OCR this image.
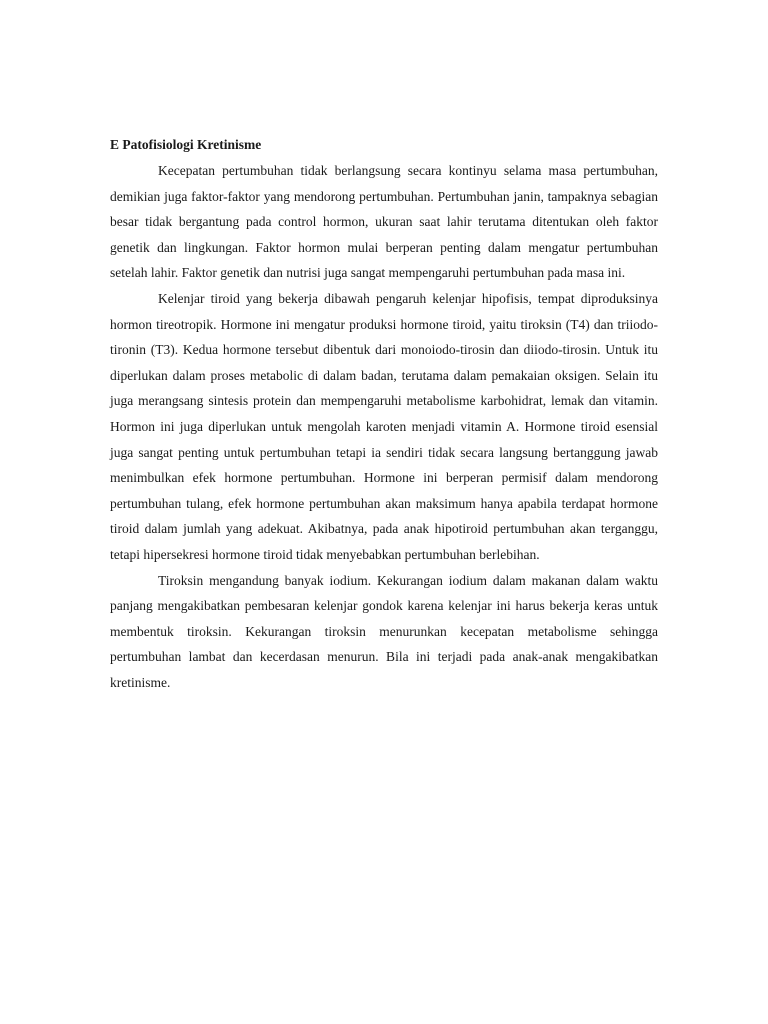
E Patofisiologi Kretinisme

Kecepatan pertumbuhan tidak berlangsung secara kontinyu selama masa pertumbuhan, demikian juga faktor-faktor yang mendorong pertumbuhan. Pertumbuhan janin, tampaknya sebagian besar tidak bergantung pada control hormon, ukuran saat lahir terutama ditentukan oleh faktor genetik dan lingkungan. Faktor hormon mulai berperan penting dalam mengatur pertumbuhan setelah lahir. Faktor genetik dan nutrisi juga sangat mempengaruhi pertumbuhan pada masa ini.

Kelenjar tiroid yang bekerja dibawah pengaruh kelenjar hipofisis, tempat diproduksinya hormon tireotropik. Hormone ini mengatur produksi hormone tiroid, yaitu tiroksin (T4) dan triiodo-tironin (T3). Kedua hormone tersebut dibentuk dari monoiodo-tirosin dan diiodo-tirosin. Untuk itu diperlukan dalam proses metabolic di dalam badan, terutama dalam pemakaian oksigen. Selain itu juga merangsang sintesis protein dan mempengaruhi metabolisme karbohidrat, lemak dan vitamin. Hormon ini juga diperlukan untuk mengolah karoten menjadi vitamin A. Hormone tiroid esensial juga sangat penting untuk pertumbuhan tetapi ia sendiri tidak secara langsung bertanggung jawab menimbulkan efek hormone pertumbuhan. Hormone ini berperan permisif dalam mendorong pertumbuhan tulang, efek hormone pertumbuhan akan maksimum hanya apabila terdapat hormone tiroid dalam jumlah yang adekuat. Akibatnya, pada anak hipotiroid pertumbuhan akan terganggu, tetapi hipersekresi hormone tiroid tidak menyebabkan pertumbuhan berlebihan.

Tiroksin mengandung banyak iodium. Kekurangan iodium dalam makanan dalam waktu panjang mengakibatkan pembesaran kelenjar gondok karena kelenjar ini harus bekerja keras untuk membentuk tiroksin. Kekurangan tiroksin menurunkan kecepatan metabolisme sehingga pertumbuhan lambat dan kecerdasan menurun. Bila ini terjadi pada anak-anak mengakibatkan kretinisme.
